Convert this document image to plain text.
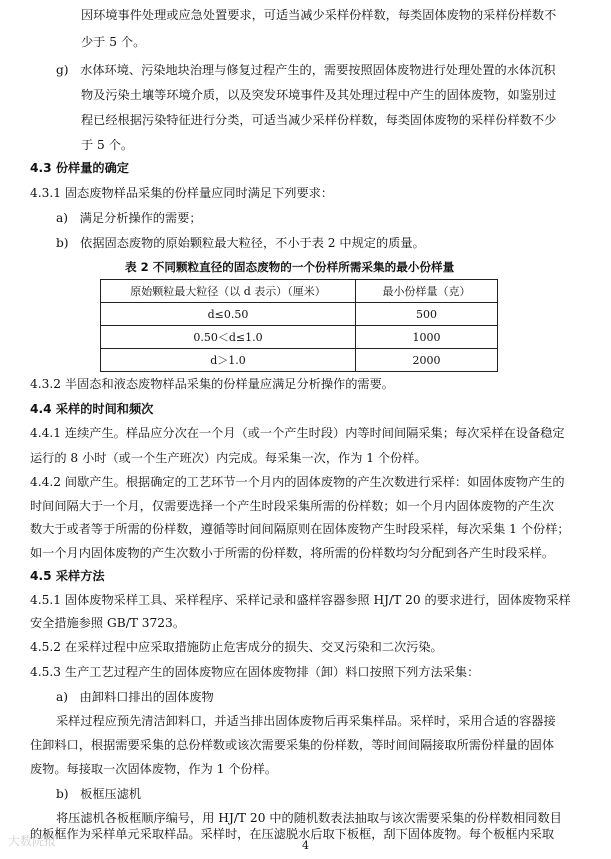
因环境事件处理或应急处置要求，可适当减少采样份样数，每类固体废物的采样份样数不
少于 5 个。
g)   水体环境、污染地块治理与修复过程产生的，需要按照固体废物进行处理处置的水体沉积
物及污染土壤等环境介质，以及突发环境事件及其处理过程中产生的固体废物，如鉴别过
程已经根据污染特征进行分类，可适当减少采样份样数，每类固体废物的采样份样数不少
于 5 个。
4.3 份样量的确定
4.3.1 固态废物样品采集的份样量应同时满足下列要求：
a)   满足分析操作的需要；
b)   依据固态废物的原始颗粒最大粒径，不小于表 2 中规定的质量。
表 2 不同颗粒直径的固态废物的一个份样所需采集的最小份样量
原始颗粒最大粒径（以 d 表示）（厘米）	最小份样量（克）
d≤0.50	500
0.50＜d≤1.0	1000
d＞1.0	2000
4.3.2 半固态和液态废物样品采集的份样量应满足分析操作的需要。
4.4 采样的时间和频次
4.4.1 连续产生。样品应分次在一个月（或一个产生时段）内等时间间隔采集；每次采样在设备稳定
运行的 8 小时（或一个生产班次）内完成。每采集一次，作为 1 个份样。
4.4.2 间歇产生。根据确定的工艺环节一个月内的固体废物的产生次数进行采样：如固体废物产生的
时间间隔大于一个月，仅需要选择一个产生时段采集所需的份样数；如一个月内固体废物的产生次
数大于或者等于所需的份样数，遵循等时间间隔原则在固体废物产生时段采样，每次采集 1 个份样；
如一个月内固体废物的产生次数小于所需的份样数，将所需的份样数均匀分配到各产生时段采样。
4.5 采样方法
4.5.1 固体废物采样工具、采样程序、采样记录和盛样容器参照 HJ/T 20 的要求进行，固体废物采样
安全措施参照 GB/T 3723。
4.5.2 在采样过程中应采取措施防止危害成分的损失、交叉污染和二次污染。
4.5.3 生产工艺过程产生的固体废物应在固体废物排（卸）料口按照下列方法采集：
a)   由卸料口排出的固体废物
采样过程应预先清洁卸料口，并适当排出固体废物后再采集样品。采样时，采用合适的容器接
住卸料口，根据需要采集的总份样数或该次需要采集的份样数，等时间间隔接取所需份样量的固体
废物。每接取一次固体废物，作为 1 个份样。
b)   板框压滤机
将压滤机各板框顺序编号，用 HJ/T 20 中的随机数表法抽取与该次需要采集的份样数相同数目
的板框作为采样单元采取样品。采样时，在压滤脱水后取下板框，刮下固体废物。每个板框内采取
大数院报	4
